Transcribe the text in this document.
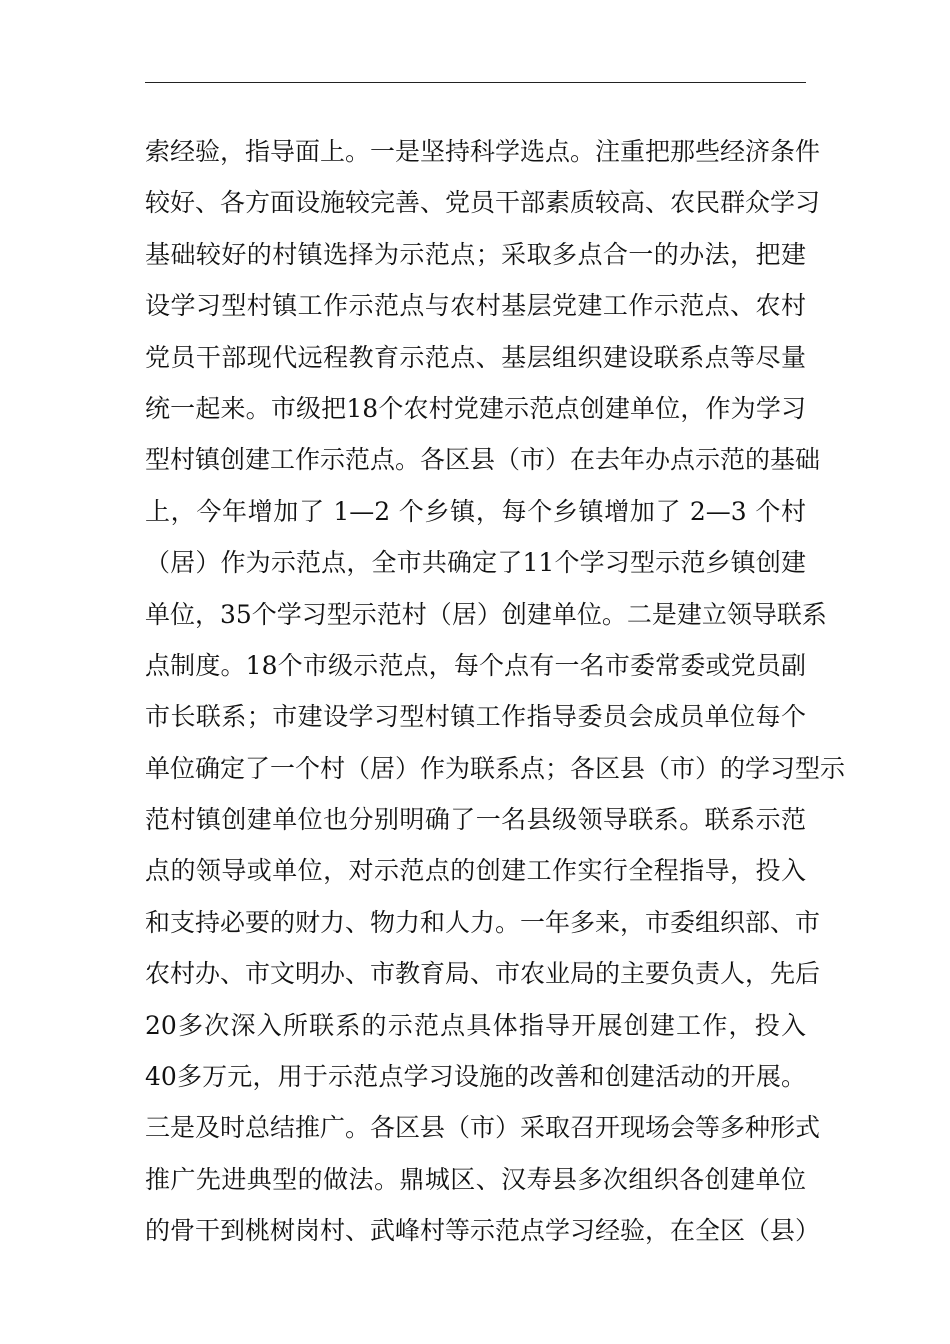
索经验，指导面上。一是坚持科学选点。注重把那些经济条件
较好、各方面设施较完善、党员干部素质较高、农民群众学习
基础较好的村镇选择为示范点；采取多点合一的办法，把建
设学习型村镇工作示范点与农村基层党建工作示范点、农村
党员干部现代远程教育示范点、基层组织建设联系点等尽量
统一起来。市级把18个农村党建示范点创建单位，作为学习
型村镇创建工作示范点。各区县（市）在去年办点示范的基础
上，今年增加了 1—2 个乡镇，每个乡镇增加了 2—3 个村
（居）作为示范点，全市共确定了11个学习型示范乡镇创建
单位，35个学习型示范村（居）创建单位。二是建立领导联系
点制度。18个市级示范点，每个点有一名市委常委或党员副
市长联系；市建设学习型村镇工作指导委员会成员单位每个
单位确定了一个村（居）作为联系点；各区县（市）的学习型示
范村镇创建单位也分别明确了一名县级领导联系。联系示范
点的领导或单位，对示范点的创建工作实行全程指导，投入
和支持必要的财力、物力和人力。一年多来，市委组织部、市
农村办、市文明办、市教育局、市农业局的主要负责人，先后
20多次深入所联系的示范点具体指导开展创建工作，投入
40多万元，用于示范点学习设施的改善和创建活动的开展。
三是及时总结推广。各区县（市）采取召开现场会等多种形式
推广先进典型的做法。鼎城区、汉寿县多次组织各创建单位
的骨干到桃树岗村、武峰村等示范点学习经验，在全区（县）
